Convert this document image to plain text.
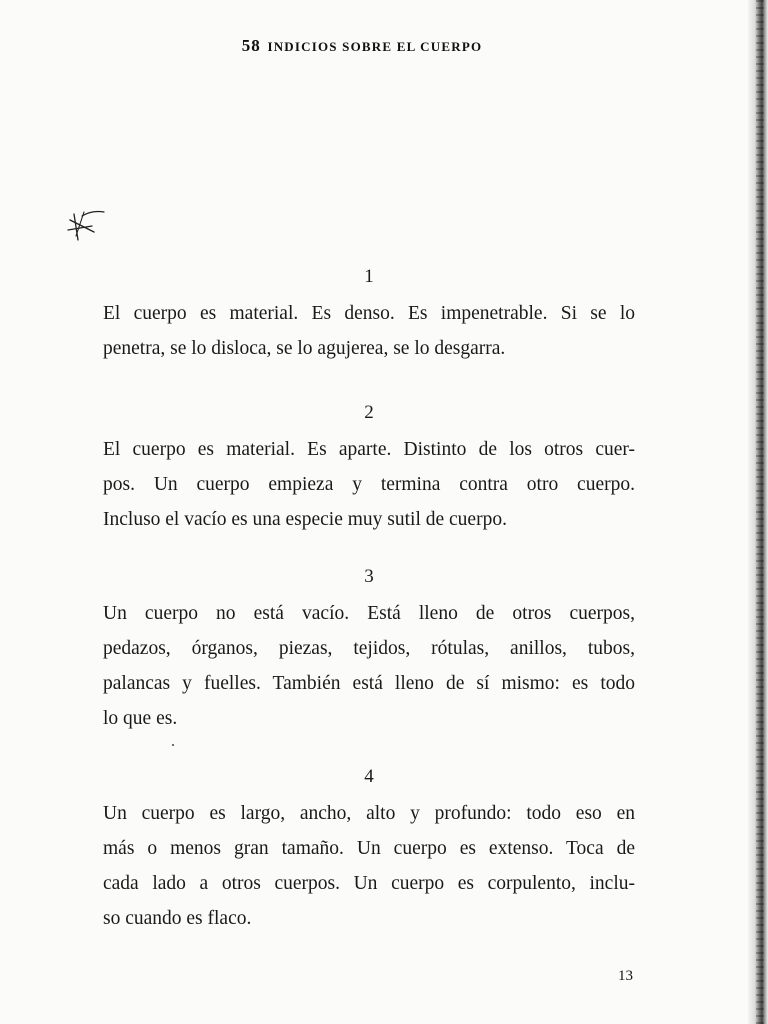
58 INDICIOS SOBRE EL CUERPO
1

El cuerpo es material. Es denso. Es impenetrable. Si se lo
penetra, se lo disloca, se lo agujerea, se lo desgarra.

2

El cuerpo es material. Es aparte. Distinto de los otros cuer-
pos. Un cuerpo empieza y termina contra otro cuerpo.
Incluso el vacío es una especie muy sutil de cuerpo.

3

Un cuerpo no está vacío. Está lleno de otros cuerpos,
pedazos, órganos, piezas, tejidos, rótulas, anillos, tubos,
palancas y fuelles. También está lleno de sí mismo: es todo
lo que es.

4

Un cuerpo es largo, ancho, alto y profundo: todo eso en
más o menos gran tamaño. Un cuerpo es extenso. Toca de
cada lado a otros cuerpos. Un cuerpo es corpulento, inclu-
so cuando es flaco.

13
